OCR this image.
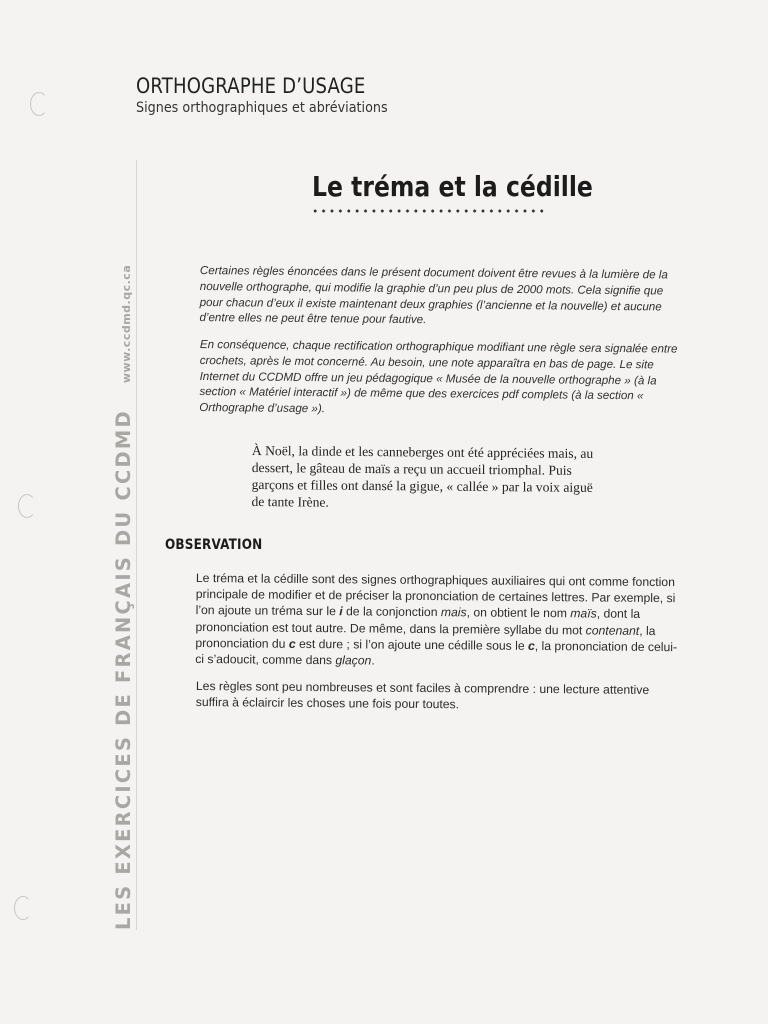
LES EXERCICES DE FRANÇAIS DU CCDMD
www.ccdmd.qc.ca
ORTHOGRAPHE D’USAGE
Signes orthographiques et abréviations
Le tréma et la cédille

Certaines règles énoncées dans le présent document doivent être revues à la lumière de la nouvelle orthographe, qui modifie la graphie d’un peu plus de 2000 mots. Cela signifie que pour chacun d’eux il existe maintenant deux graphies (l’ancienne et la nouvelle) et aucune d’entre elles ne peut être tenue pour fautive.

En conséquence, chaque rectification orthographique modifiant une règle sera signalée entre crochets, après le mot concerné. Au besoin, une note apparaîtra en bas de page. Le site Internet du CCDMD offre un jeu pédagogique « Musée de la nouvelle orthographe » (à la section « Matériel interactif ») de même que des exercices pdf complets (à la section « Orthographe d’usage »).

À Noël, la dinde et les canneberges ont été appréciées mais, au dessert, le gâteau de maïs a reçu un accueil triomphal. Puis garçons et filles ont dansé la gigue, « callée » par la voix aiguë de tante Irène.

OBSERVATION

Le tréma et la cédille sont des signes orthographiques auxiliaires qui ont comme fonction principale de modifier et de préciser la prononciation de certaines lettres. Par exemple, si l’on ajoute un tréma sur le i de la conjonction mais, on obtient le nom maïs, dont la prononciation est tout autre. De même, dans la première syllabe du mot contenant, la prononciation du c est dure ; si l’on ajoute une cédille sous le c, la prononciation de celui-ci s’adoucit, comme dans glaçon.

Les règles sont peu nombreuses et sont faciles à comprendre : une lecture attentive suffira à éclaircir les choses une fois pour toutes.
